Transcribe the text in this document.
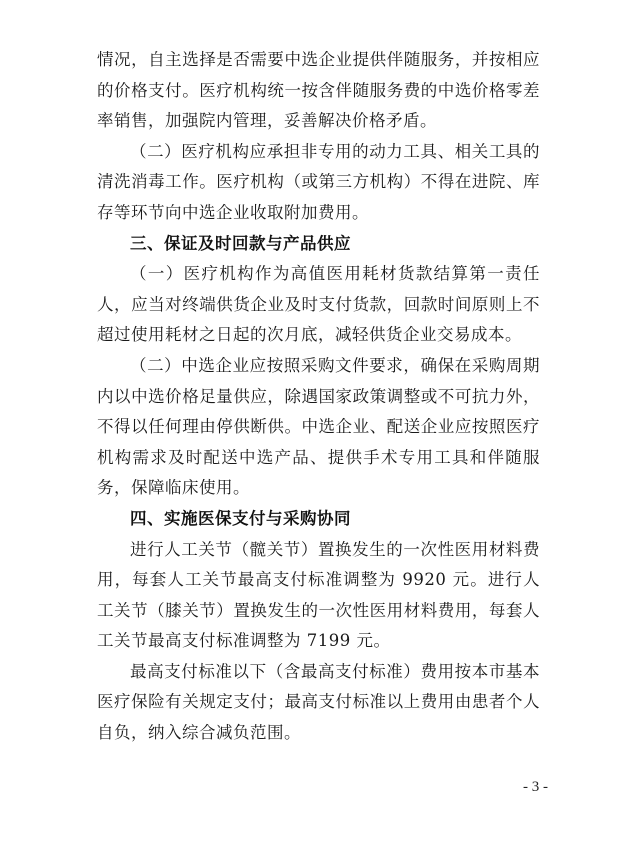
情况，自主选择是否需要中选企业提供伴随服务，并按相应的价格支付。医疗机构统一按含伴随服务费的中选价格零差率销售，加强院内管理，妥善解决价格矛盾。

（二）医疗机构应承担非专用的动力工具、相关工具的清洗消毒工作。医疗机构（或第三方机构）不得在进院、库存等环节向中选企业收取附加费用。

三、保证及时回款与产品供应

（一）医疗机构作为高值医用耗材货款结算第一责任人，应当对终端供货企业及时支付货款，回款时间原则上不超过使用耗材之日起的次月底，减轻供货企业交易成本。

（二）中选企业应按照采购文件要求，确保在采购周期内以中选价格足量供应，除遇国家政策调整或不可抗力外，不得以任何理由停供断供。中选企业、配送企业应按照医疗机构需求及时配送中选产品、提供手术专用工具和伴随服务，保障临床使用。

四、实施医保支付与采购协同

进行人工关节（髋关节）置换发生的一次性医用材料费用，每套人工关节最高支付标准调整为 9920 元。进行人工关节（膝关节）置换发生的一次性医用材料费用，每套人工关节最高支付标准调整为 7199 元。

最高支付标准以下（含最高支付标准）费用按本市基本医疗保险有关规定支付；最高支付标准以上费用由患者个人自负，纳入综合减负范围。

- 3 -
